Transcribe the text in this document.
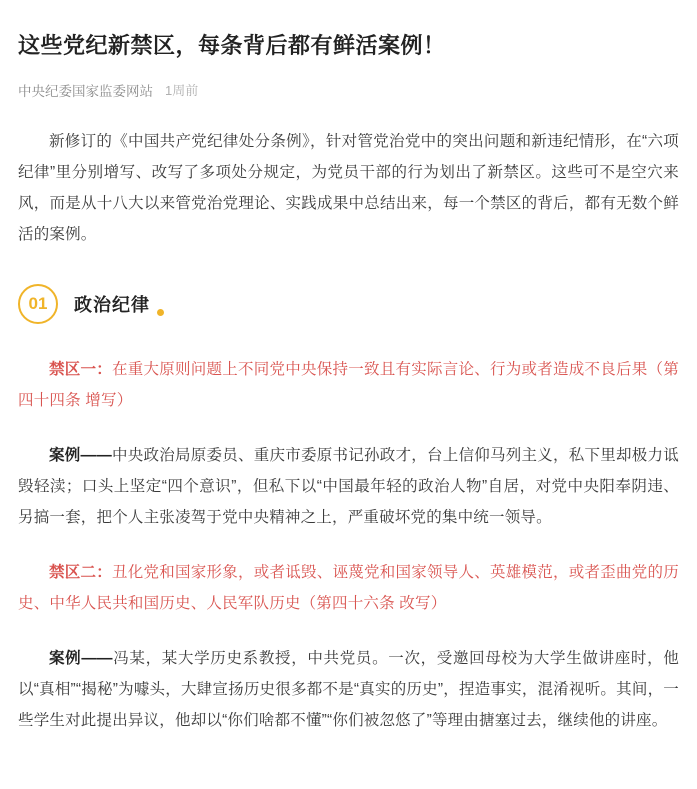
这些党纪新禁区，每条背后都有鲜活案例！
中央纪委国家监委网站 1周前

新修订的《中国共产党纪律处分条例》，针对管党治党中的突出问题和新违纪情形，在“六项纪律”里分别增写、改写了多项处分规定，为党员干部的行为划出了新禁区。这些可不是空穴来风，而是从十八大以来管党治党理论、实践成果中总结出来，每一个禁区的背后，都有无数个鲜活的案例。

01	政治纪律

禁区一：在重大原则问题上不同党中央保持一致且有实际言论、行为或者造成不良后果（第四十四条 增写）

案例——中央政治局原委员、重庆市委原书记孙政才，台上信仰马列主义，私下里却极力诋毁轻渎；口头上坚定“四个意识”，但私下以“中国最年轻的政治人物”自居，对党中央阳奉阴违、另搞一套，把个人主张凌驾于党中央精神之上，严重破坏党的集中统一领导。

禁区二：丑化党和国家形象，或者诋毁、诬蔑党和国家领导人、英雄模范，或者歪曲党的历史、中华人民共和国历史、人民军队历史（第四十六条 改写）

案例——冯某，某大学历史系教授，中共党员。一次，受邀回母校为大学生做讲座时，他以“真相”“揭秘”为噱头，大肆宣扬历史很多都不是“真实的历史”，捏造事实，混淆视听。其间，一些学生对此提出异议，他却以“你们啥都不懂”“你们被忽悠了”等理由搪塞过去，继续他的讲座。
